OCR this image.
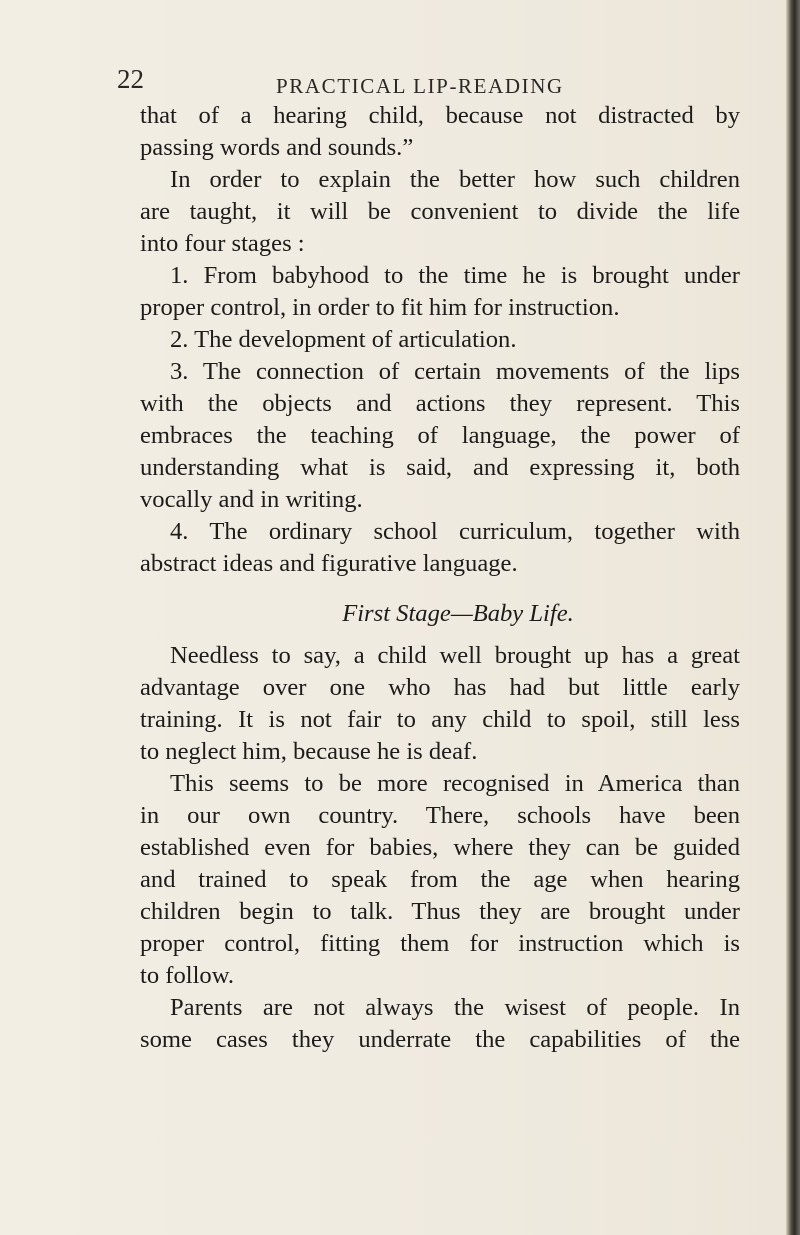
22	PRACTICAL LIP-READING
that of a hearing child, because not distracted by
passing words and sounds.”
In order to explain the better how such children
are taught, it will be convenient to divide the life
into four stages :
1. From babyhood to the time he is brought under
proper control, in order to fit him for instruction.
2. The development of articulation.
3. The connection of certain movements of the lips
with the objects and actions they represent. This
embraces the teaching of language, the power of
understanding what is said, and expressing it, both
vocally and in writing.
4. The ordinary school curriculum, together with
abstract ideas and figurative language.
First Stage—Baby Life.
Needless to say, a child well brought up has a great
advantage over one who has had but little early
training. It is not fair to any child to spoil, still less
to neglect him, because he is deaf.
This seems to be more recognised in America than
in our own country. There, schools have been
established even for babies, where they can be guided
and trained to speak from the age when hearing
children begin to talk. Thus they are brought under
proper control, fitting them for instruction which is
to follow.
Parents are not always the wisest of people. In
some cases they underrate the capabilities of the
